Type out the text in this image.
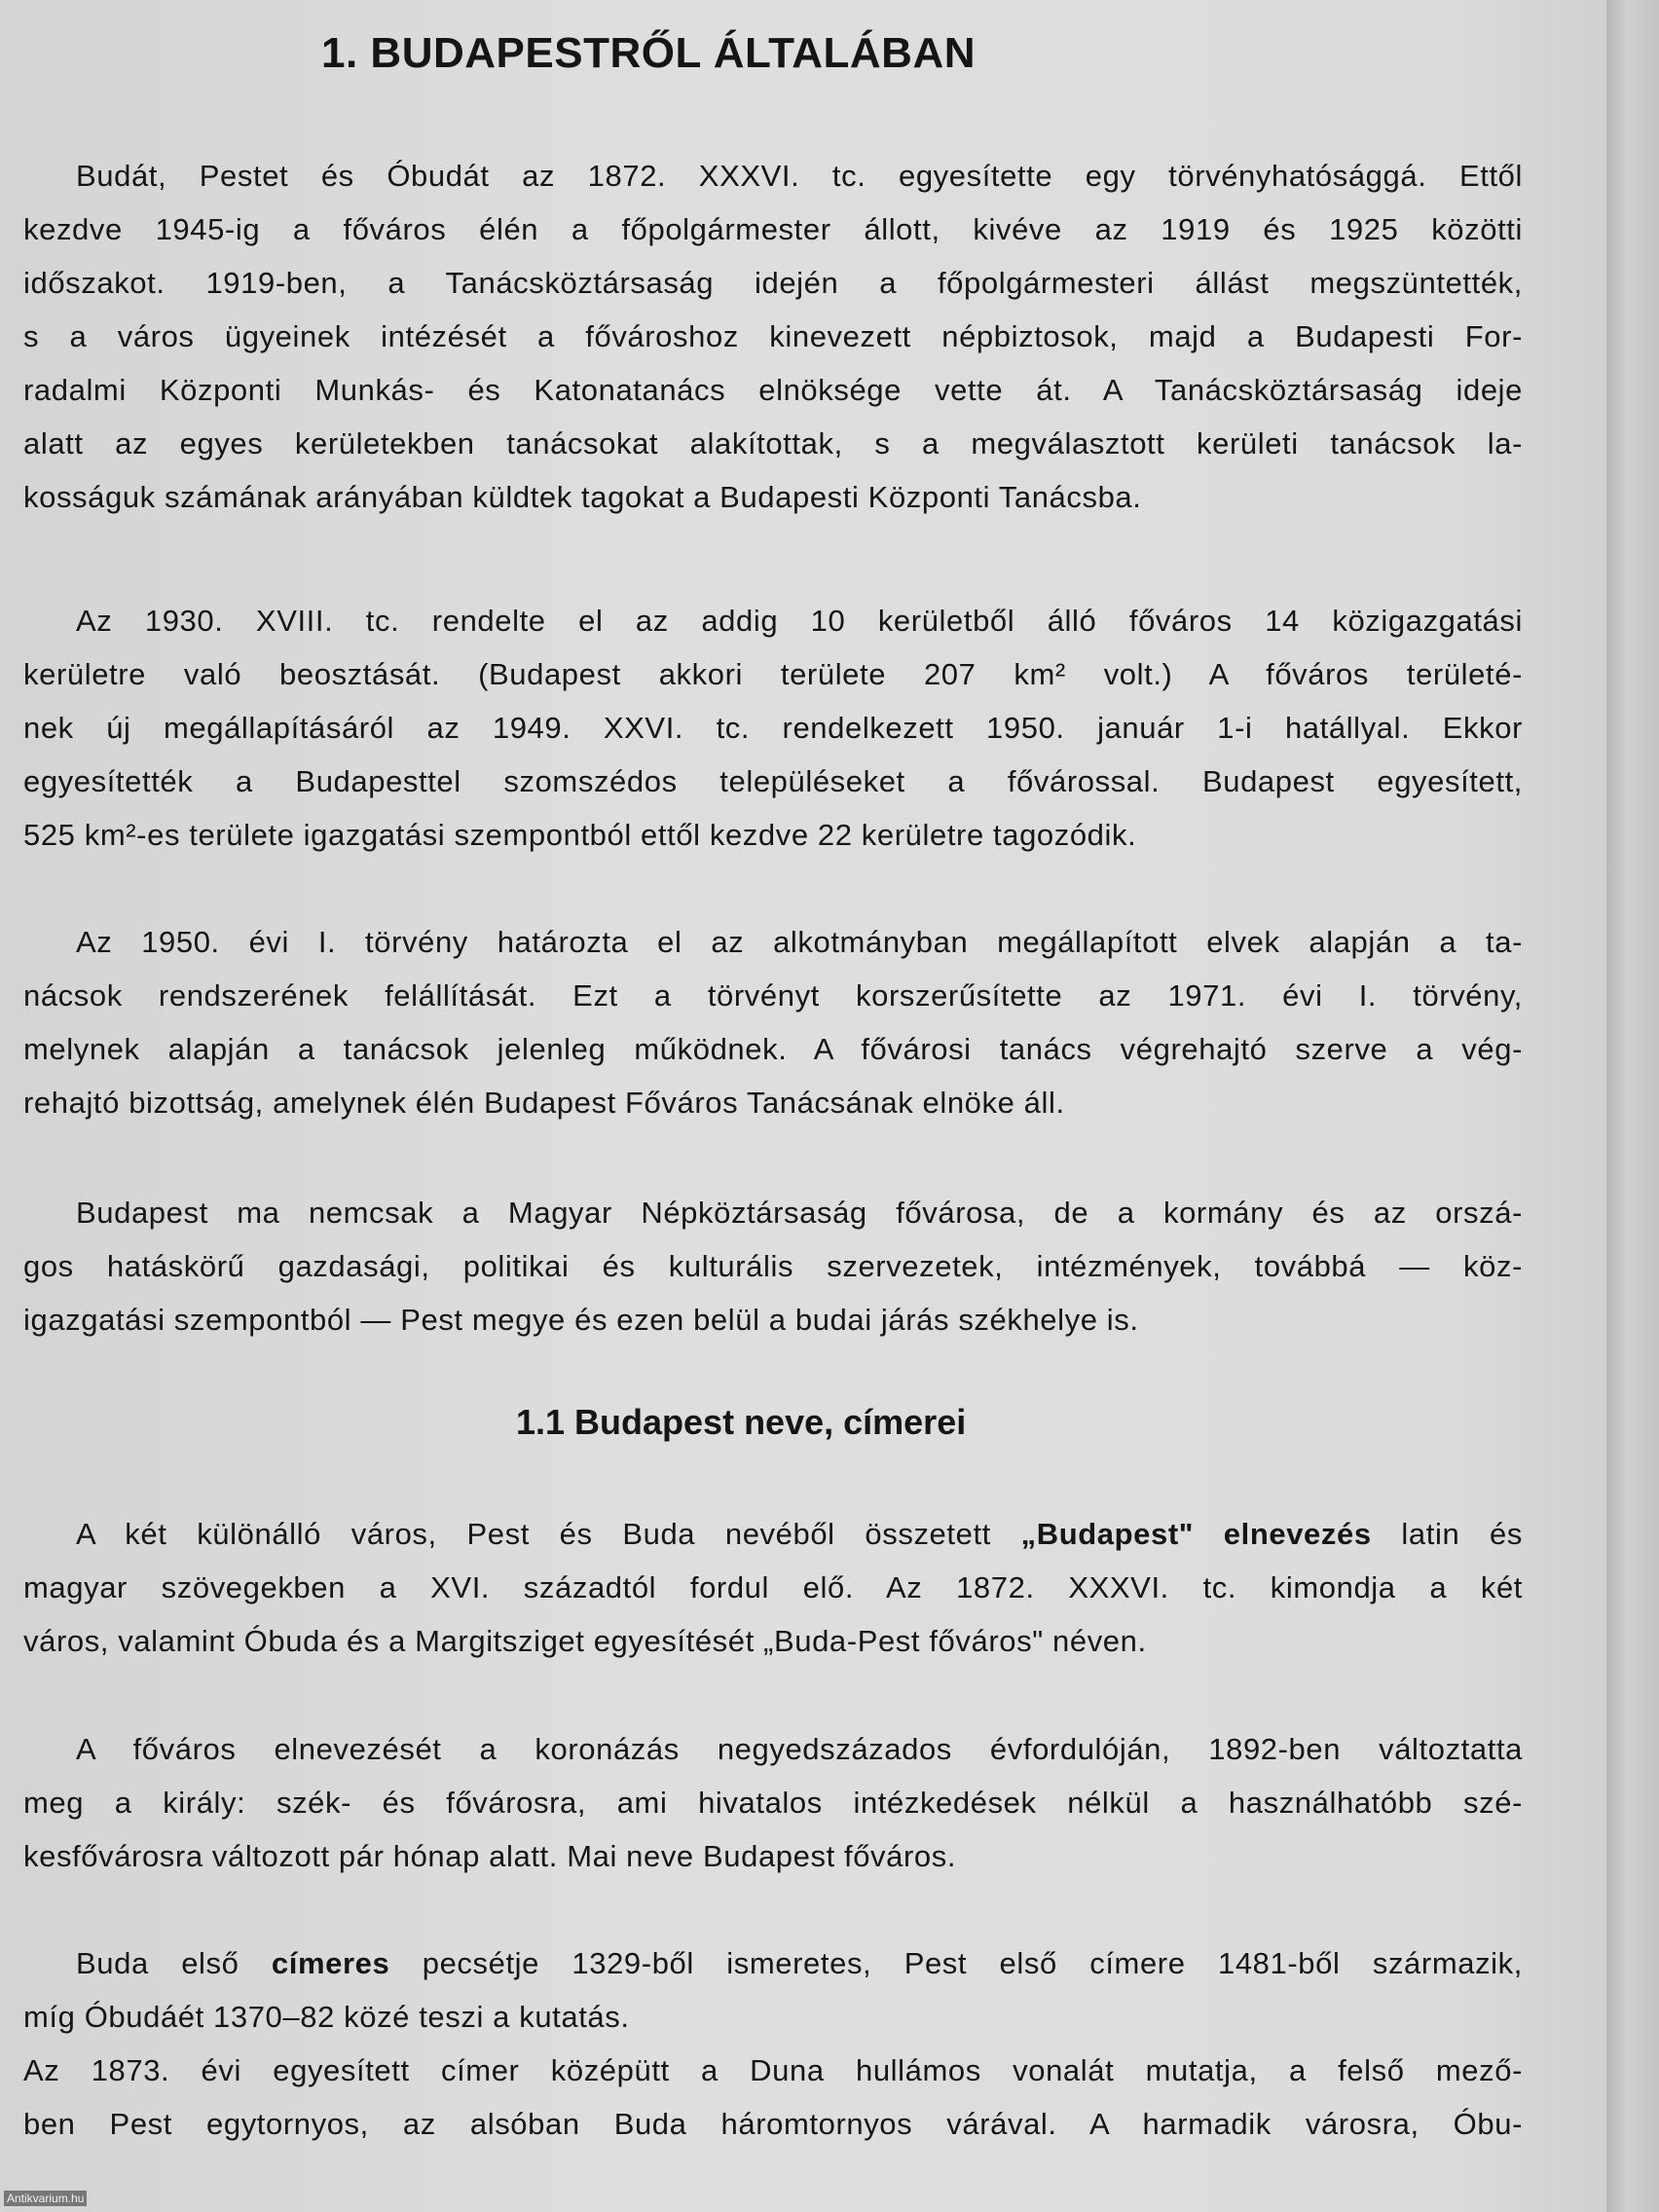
1. BUDAPESTRŐL ÁLTALÁBAN
Budát, Pestet és Óbudát az 1872. XXXVI. tc. egyesítette egy törvényhatósággá. Ettől
kezdve 1945-ig a főváros élén a főpolgármester állott, kivéve az 1919 és 1925 közötti
időszakot. 1919-ben, a Tanácsköztársaság idején a főpolgármesteri állást megszüntették,
s a város ügyeinek intézését a fővároshoz kinevezett népbiztosok, majd a Budapesti For-
radalmi Központi Munkás- és Katonatanács elnöksége vette át. A Tanácsköztársaság ideje
alatt az egyes kerületekben tanácsokat alakítottak, s a megválasztott kerületi tanácsok la-
kosságuk számának arányában küldtek tagokat a Budapesti Központi Tanácsba.
Az 1930. XVIII. tc. rendelte el az addig 10 kerületből álló főváros 14 közigazgatási
kerületre való beosztását. (Budapest akkori területe 207 km² volt.) A főváros területé-
nek új megállapításáról az 1949. XXVI. tc. rendelkezett 1950. január 1-i hatállyal. Ekkor
egyesítették a Budapesttel szomszédos településeket a fővárossal. Budapest egyesített,
525 km²-es területe igazgatási szempontból ettől kezdve 22 kerületre tagozódik.
Az 1950. évi I. törvény határozta el az alkotmányban megállapított elvek alapján a ta-
nácsok rendszerének felállítását. Ezt a törvényt korszerűsítette az 1971. évi I. törvény,
melynek alapján a tanácsok jelenleg működnek. A fővárosi tanács végrehajtó szerve a vég-
rehajtó bizottság, amelynek élén Budapest Főváros Tanácsának elnöke áll.
Budapest ma nemcsak a Magyar Népköztársaság fővárosa, de a kormány és az orszá-
gos hatáskörű gazdasági, politikai és kulturális szervezetek, intézmények, továbbá — köz-
igazgatási szempontból — Pest megye és ezen belül a budai járás székhelye is.
1.1 Budapest neve, címerei
A két különálló város, Pest és Buda nevéből összetett „Budapest" elnevezés latin és
magyar szövegekben a XVI. századtól fordul elő. Az 1872. XXXVI. tc. kimondja a két
város, valamint Óbuda és a Margitsziget egyesítését „Buda-Pest főváros" néven.
A főváros elnevezését a koronázás negyedszázados évfordulóján, 1892-ben változtatta
meg a király: szék- és fővárosra, ami hivatalos intézkedések nélkül a használhatóbb szé-
kesfővárosra változott pár hónap alatt. Mai neve Budapest főváros.
Buda első címeres pecsétje 1329-ből ismeretes, Pest első címere 1481-ből származik,
míg Óbudáét 1370–82 közé teszi a kutatás.
Az 1873. évi egyesített címer középütt a Duna hullámos vonalát mutatja, a felső mező-
ben Pest egytornyos, az alsóban Buda háromtornyos várával. A harmadik városra, Óbu-
Antikvarium.hu
